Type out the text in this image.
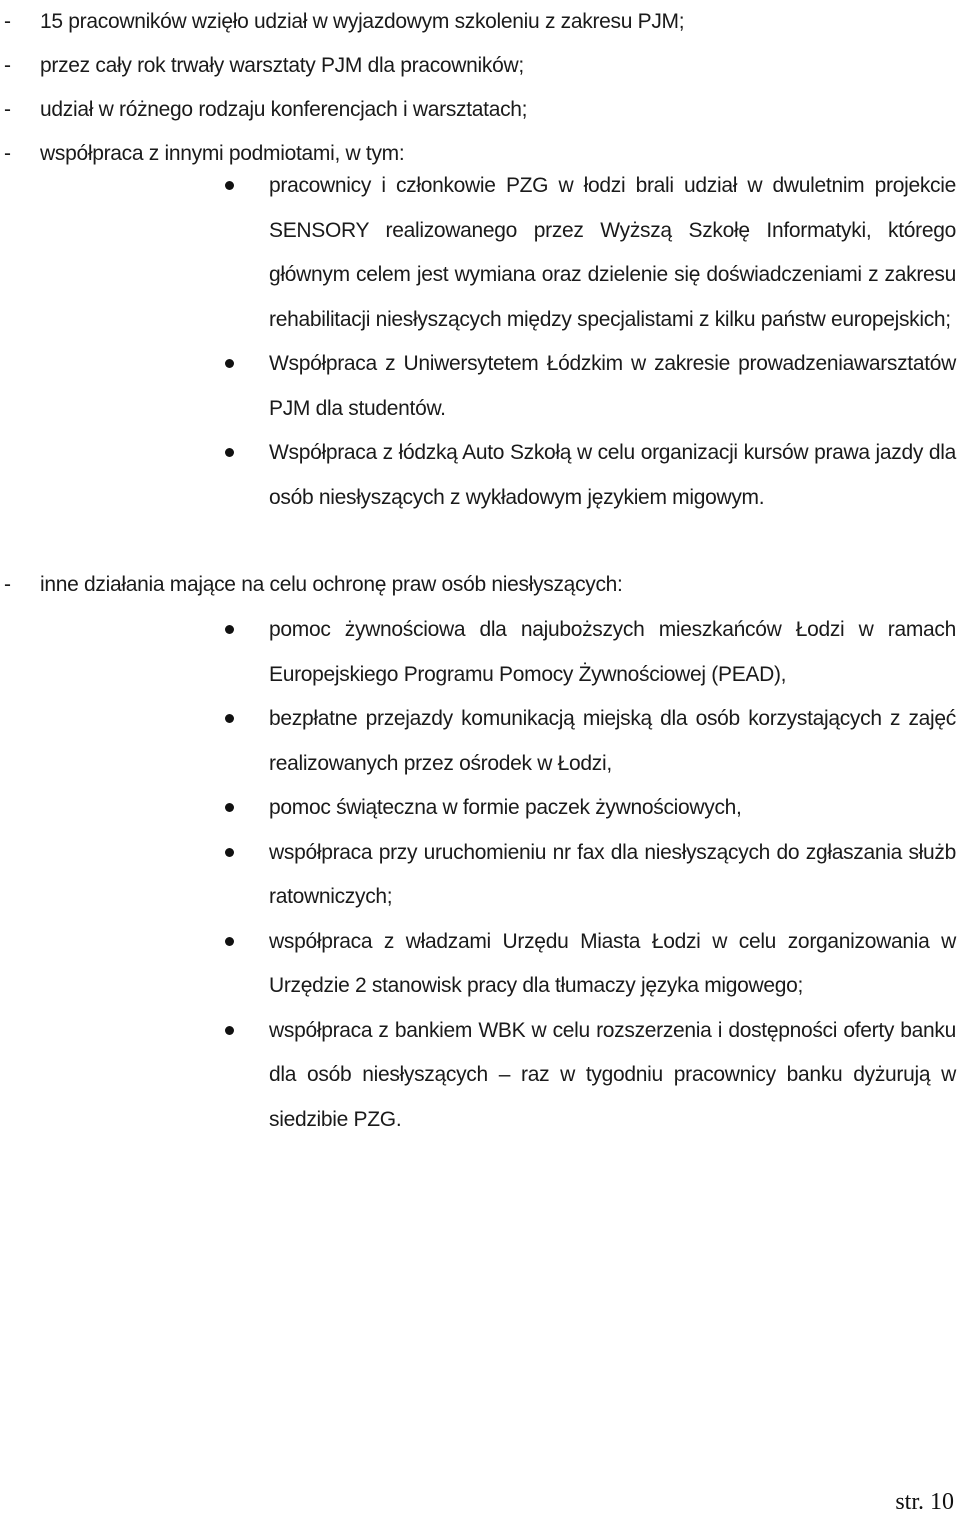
- 15 pracowników wzięło udział w wyjazdowym szkoleniu z zakresu PJM;
- przez cały rok trwały warsztaty PJM dla pracowników;
- udział w różnego rodzaju konferencjach i warsztatach;
- współpraca z innymi podmiotami, w tym:
pracownicy i członkowie PZG w łodzi brali udział w dwuletnim projekcie SENSORY realizowanego przez Wyższą Szkołę Informatyki, którego głównym celem jest wymiana oraz dzielenie się doświadczeniami z zakresu rehabilitacji niesłyszących między specjalistami z kilku państw europejskich;
Współpraca z Uniwersytetem Łódzkim w zakresie prowadzeniawarsztatów PJM dla studentów.
Współpraca z łódzką Auto Szkołą w celu organizacji kursów prawa jazdy dla osób niesłyszących z wykładowym językiem migowym.
- inne działania mające na celu ochronę praw osób niesłyszących:
pomoc żywnościowa dla najuboższych mieszkańców Łodzi w ramach Europejskiego Programu Pomocy Żywnościowej (PEAD),
bezpłatne przejazdy komunikacją miejską dla osób korzystających z zajęć realizowanych przez ośrodek w Łodzi,
pomoc świąteczna w formie paczek żywnościowych,
współpraca przy uruchomieniu nr fax dla niesłyszących do zgłaszania służb ratowniczych;
współpraca z władzami Urzędu Miasta Łodzi w celu zorganizowania w Urzędzie 2 stanowisk pracy dla tłumaczy języka migowego;
współpraca z bankiem WBK w celu rozszerzenia i dostępności oferty banku dla osób niesłyszących – raz w tygodniu pracownicy banku dyżurują w siedzibie PZG.
str. 10
